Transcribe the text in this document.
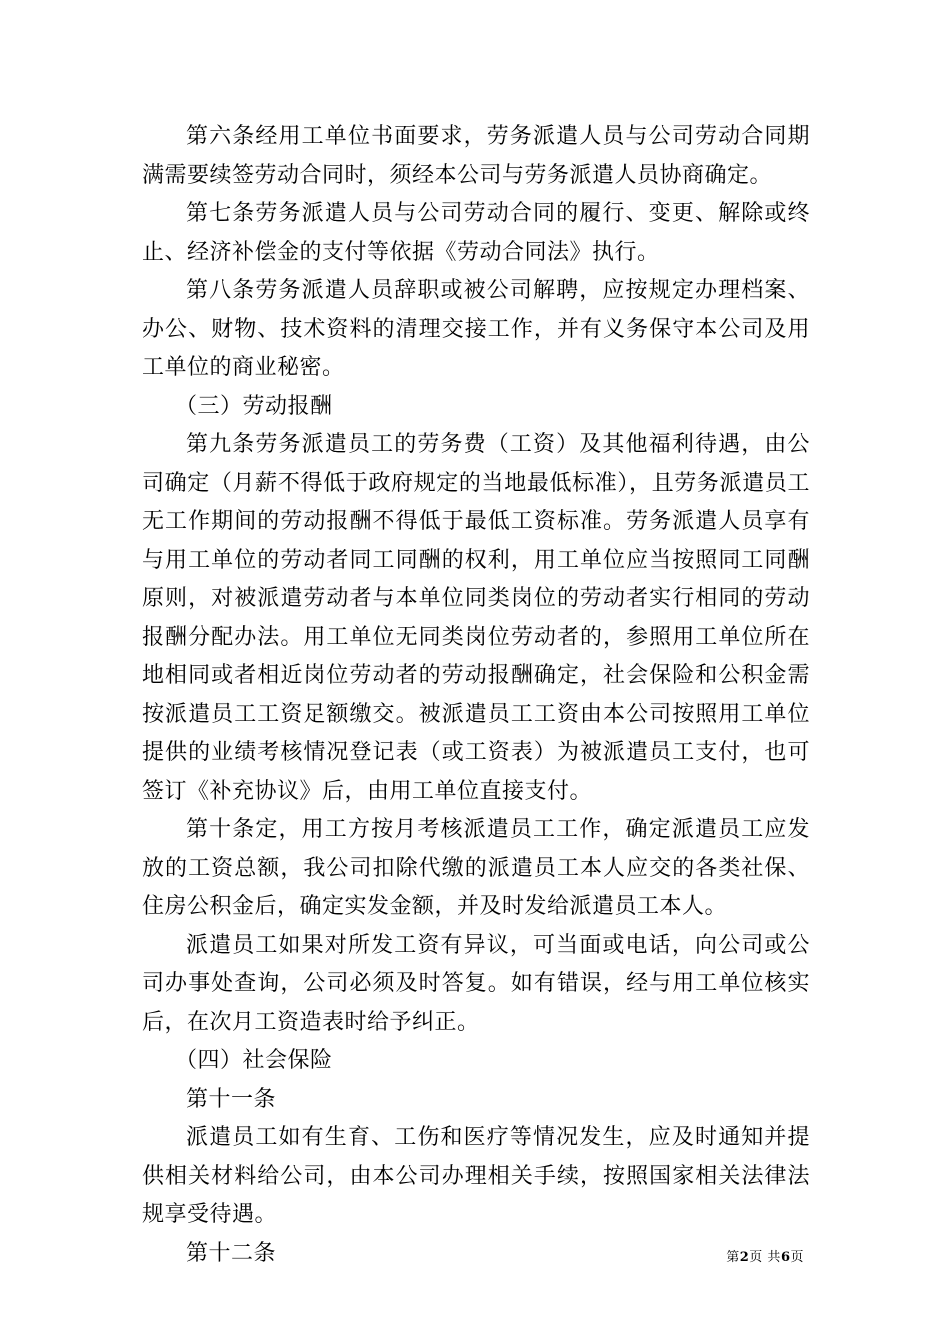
第六条经用工单位书面要求，劳务派遣人员与公司劳动合同期满需要续签劳动合同时，须经本公司与劳务派遣人员协商确定。

第七条劳务派遣人员与公司劳动合同的履行、变更、解除或终止、经济补偿金的支付等依据《劳动合同法》执行。

第八条劳务派遣人员辞职或被公司解聘，应按规定办理档案、办公、财物、技术资料的清理交接工作，并有义务保守本公司及用工单位的商业秘密。

（三）劳动报酬

第九条劳务派遣员工的劳务费（工资）及其他福利待遇，由公司确定（月薪不得低于政府规定的当地最低标准），且劳务派遣员工无工作期间的劳动报酬不得低于最低工资标准。劳务派遣人员享有与用工单位的劳动者同工同酬的权利，用工单位应当按照同工同酬原则，对被派遣劳动者与本单位同类岗位的劳动者实行相同的劳动报酬分配办法。用工单位无同类岗位劳动者的，参照用工单位所在地相同或者相近岗位劳动者的劳动报酬确定，社会保险和公积金需按派遣员工工资足额缴交。被派遣员工工资由本公司按照用工单位提供的业绩考核情况登记表（或工资表）为被派遣员工支付，也可签订《补充协议》后，由用工单位直接支付。

第十条定，用工方按月考核派遣员工工作，确定派遣员工应发放的工资总额，我公司扣除代缴的派遣员工本人应交的各类社保、住房公积金后，确定实发金额，并及时发给派遣员工本人。

派遣员工如果对所发工资有异议，可当面或电话，向公司或公司办事处查询，公司必须及时答复。如有错误，经与用工单位核实后，在次月工资造表时给予纠正。

（四）社会保险

第十一条

派遣员工如有生育、工伤和医疗等情况发生，应及时通知并提供相关材料给公司，由本公司办理相关手续，按照国家相关法律法规享受待遇。

第十二条	第2页 共6页
